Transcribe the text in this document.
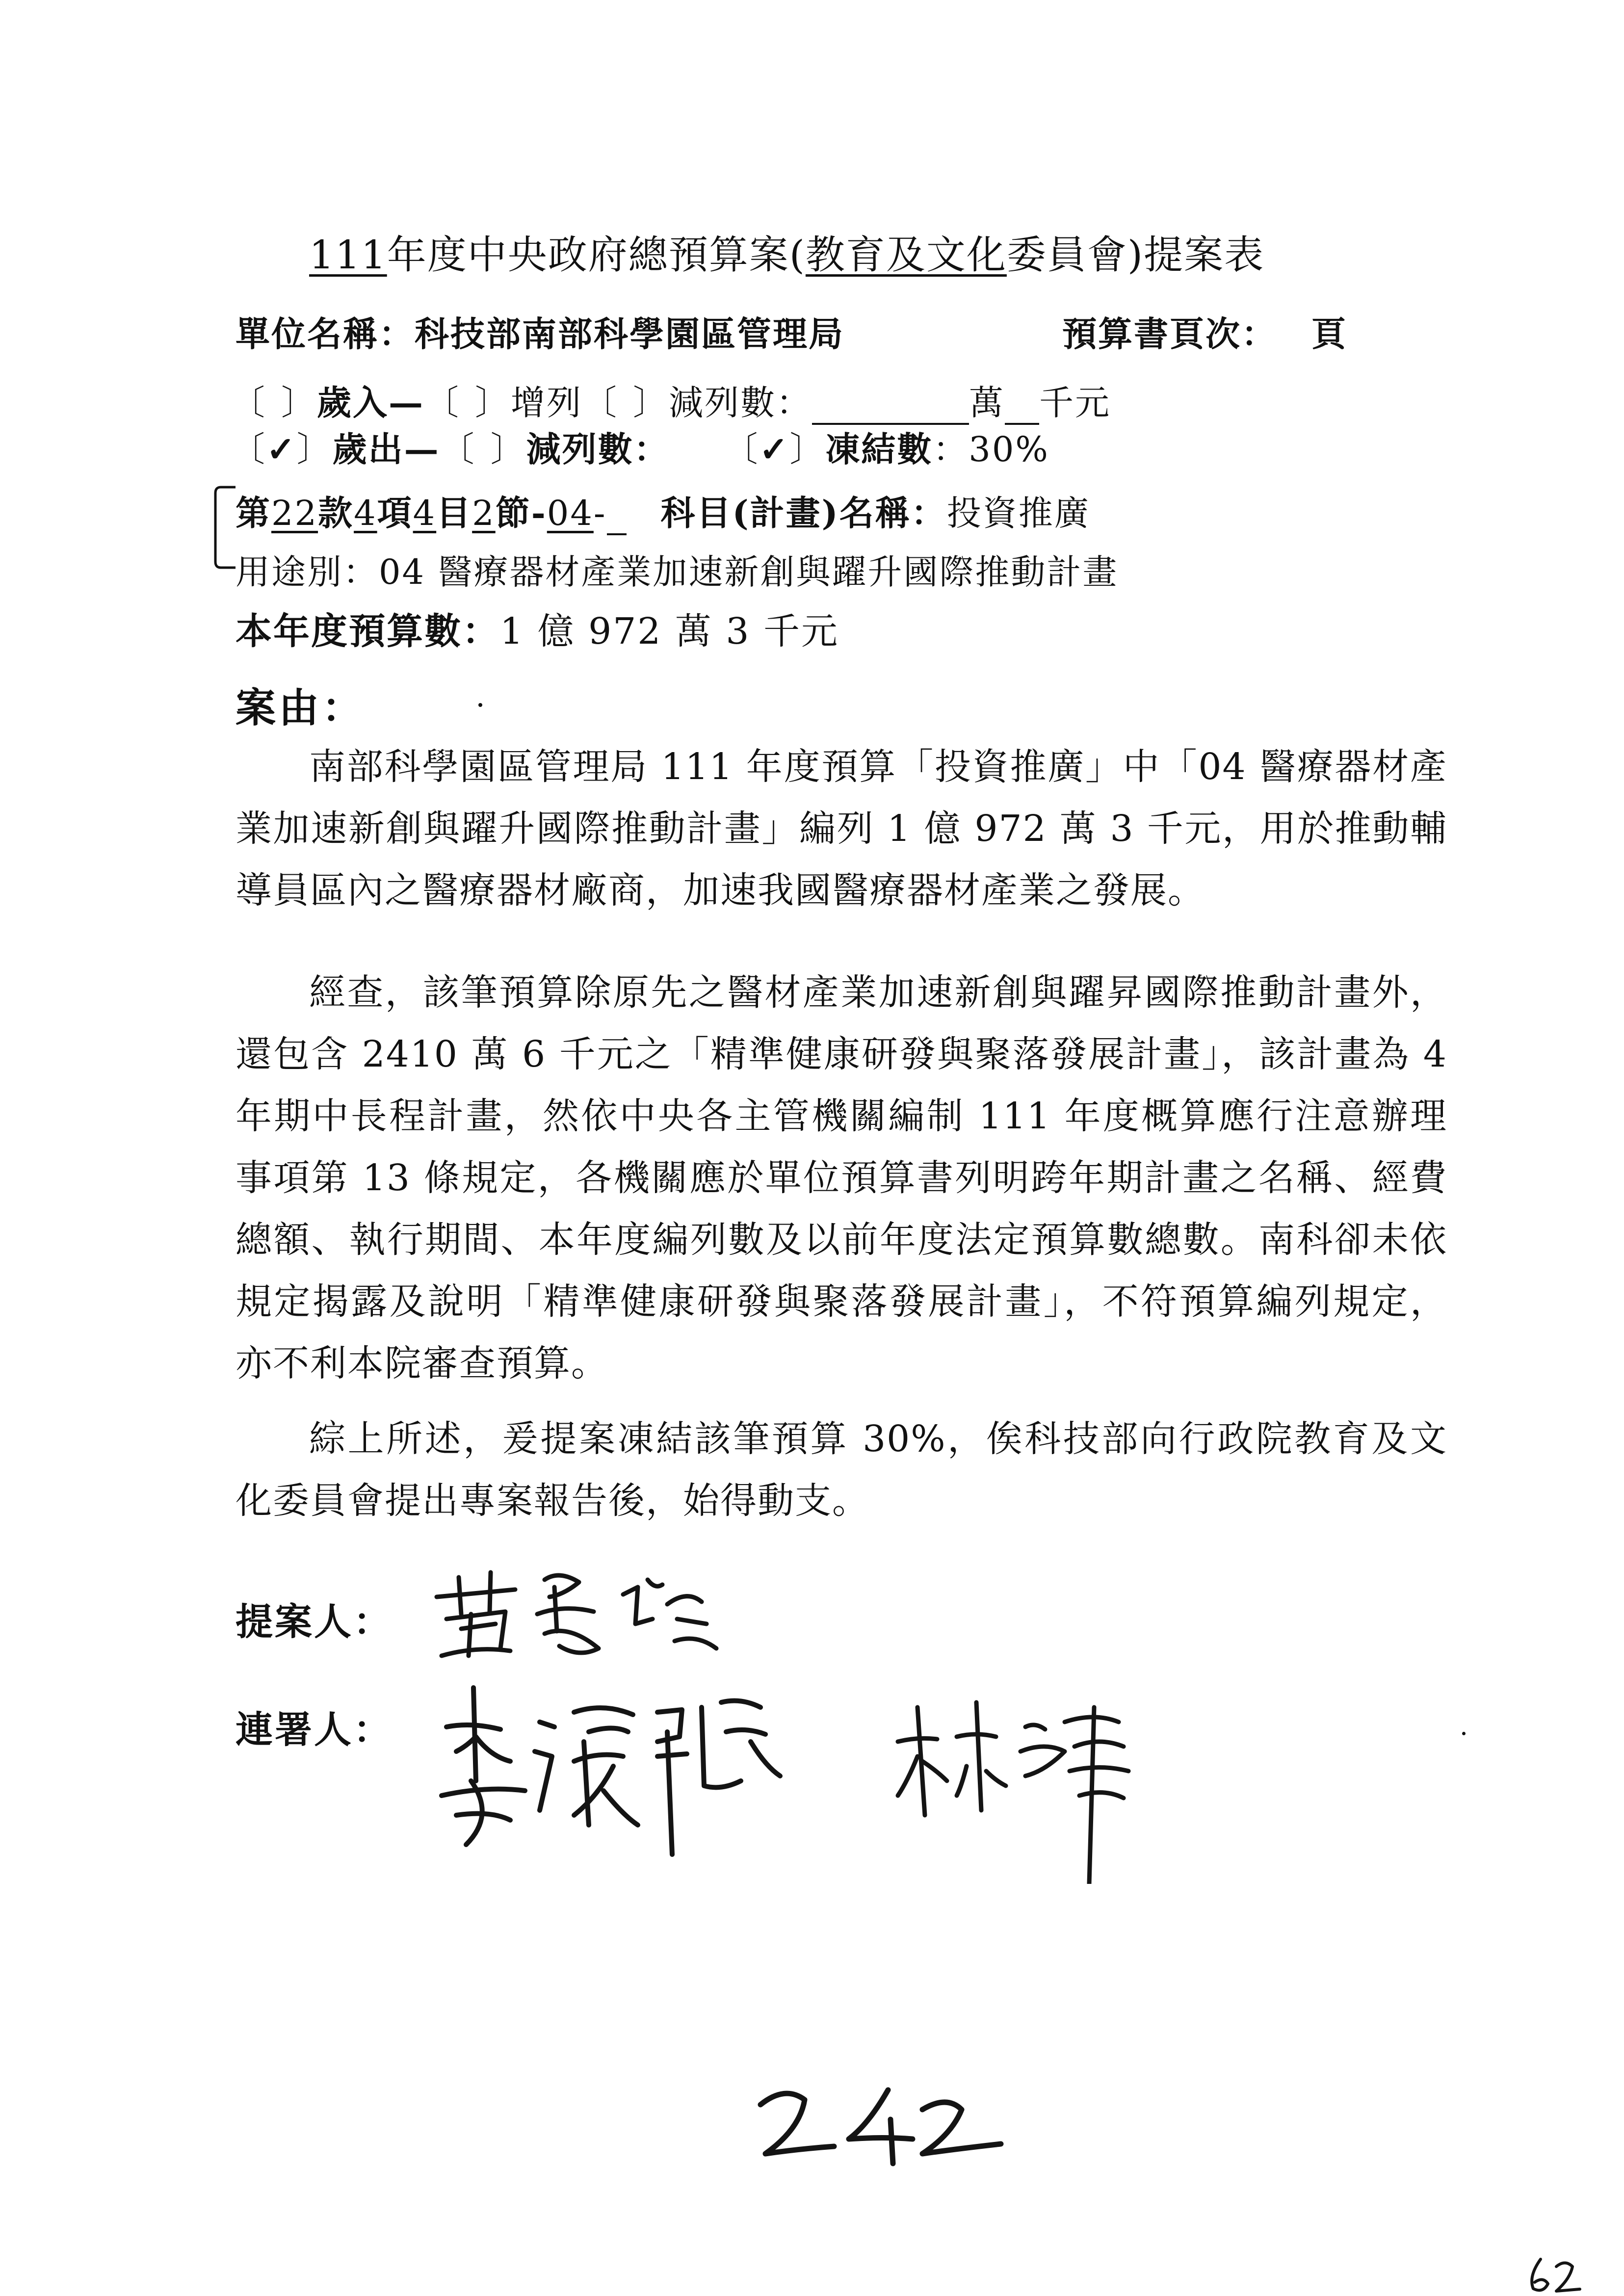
111年度中央政府總預算案(教育及文化委員會)提案表
單位名稱：科技部南部科學園區管理局	預算書頁次： 頁
〔 〕歲入—〔 〕增列〔 〕減列數：	萬 千元
〔✓〕歲出—〔 〕減列數： 〔✓〕凍結數：30%
第22款4項4目2節-04- 科目(計畫)名稱：投資推廣
用途別：04 醫療器材產業加速新創與躍升國際推動計畫
本年度預算數：1 億 972 萬 3 千元
案由：
南部科學園區管理局 111 年度預算「投資推廣」中「04 醫療器材產業加速新創與躍升國際推動計畫」編列 1 億 972 萬 3 千元，用於推動輔導員區內之醫療器材廠商，加速我國醫療器材產業之發展。
經查，該筆預算除原先之醫材產業加速新創與躍昇國際推動計畫外，還包含 2410 萬 6 千元之「精準健康研發與聚落發展計畫」，該計畫為 4 年期中長程計畫，然依中央各主管機關編制 111 年度概算應行注意辦理事項第 13 條規定，各機關應於單位預算書列明跨年期計畫之名稱、經費總額、執行期間、本年度編列數及以前年度法定預算數總數。南科卻未依規定揭露及說明「精準健康研發與聚落發展計畫」，不符預算編列規定，亦不利本院審查預算。
綜上所述，爰提案凍結該筆預算 30%，俟科技部向行政院教育及文化委員會提出專案報告後，始得動支。
提案人：
連署人：
